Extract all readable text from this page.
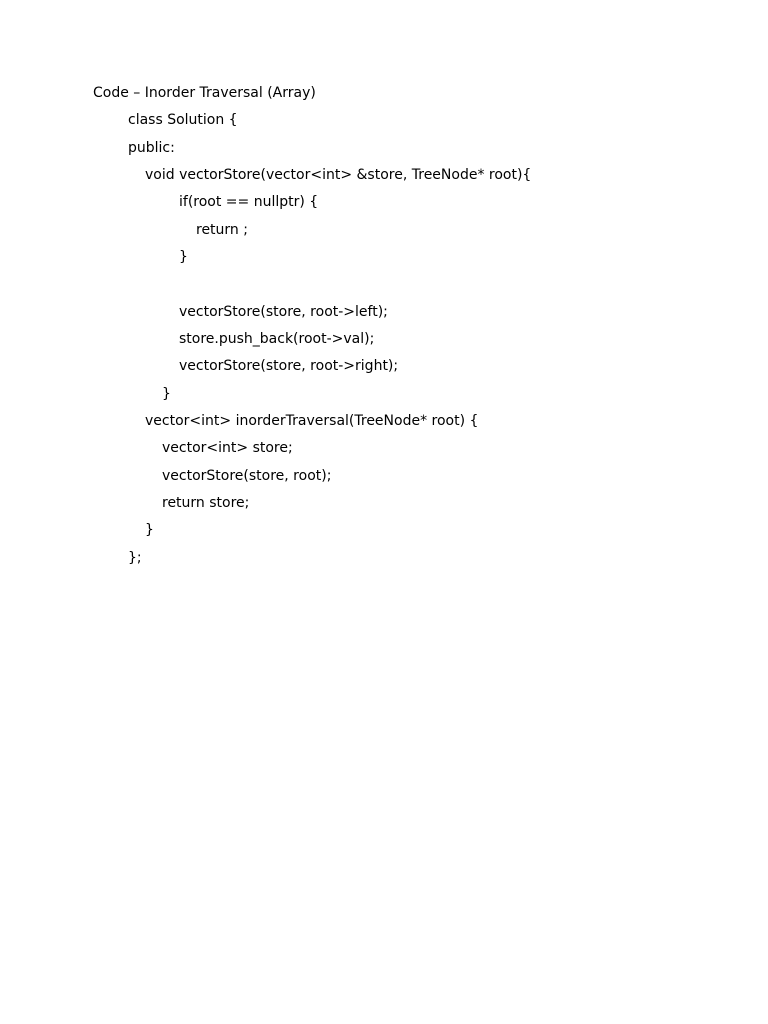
Code – Inorder Traversal (Array)
class Solution {
public:
void vectorStore(vector<int> &store, TreeNode* root){
if(root == nullptr) {
return ;
}
vectorStore(store, root->left);
store.push_back(root->val);
vectorStore(store, root->right);
}
vector<int> inorderTraversal(TreeNode* root) {
vector<int> store;
vectorStore(store, root);
return store;
}
};
